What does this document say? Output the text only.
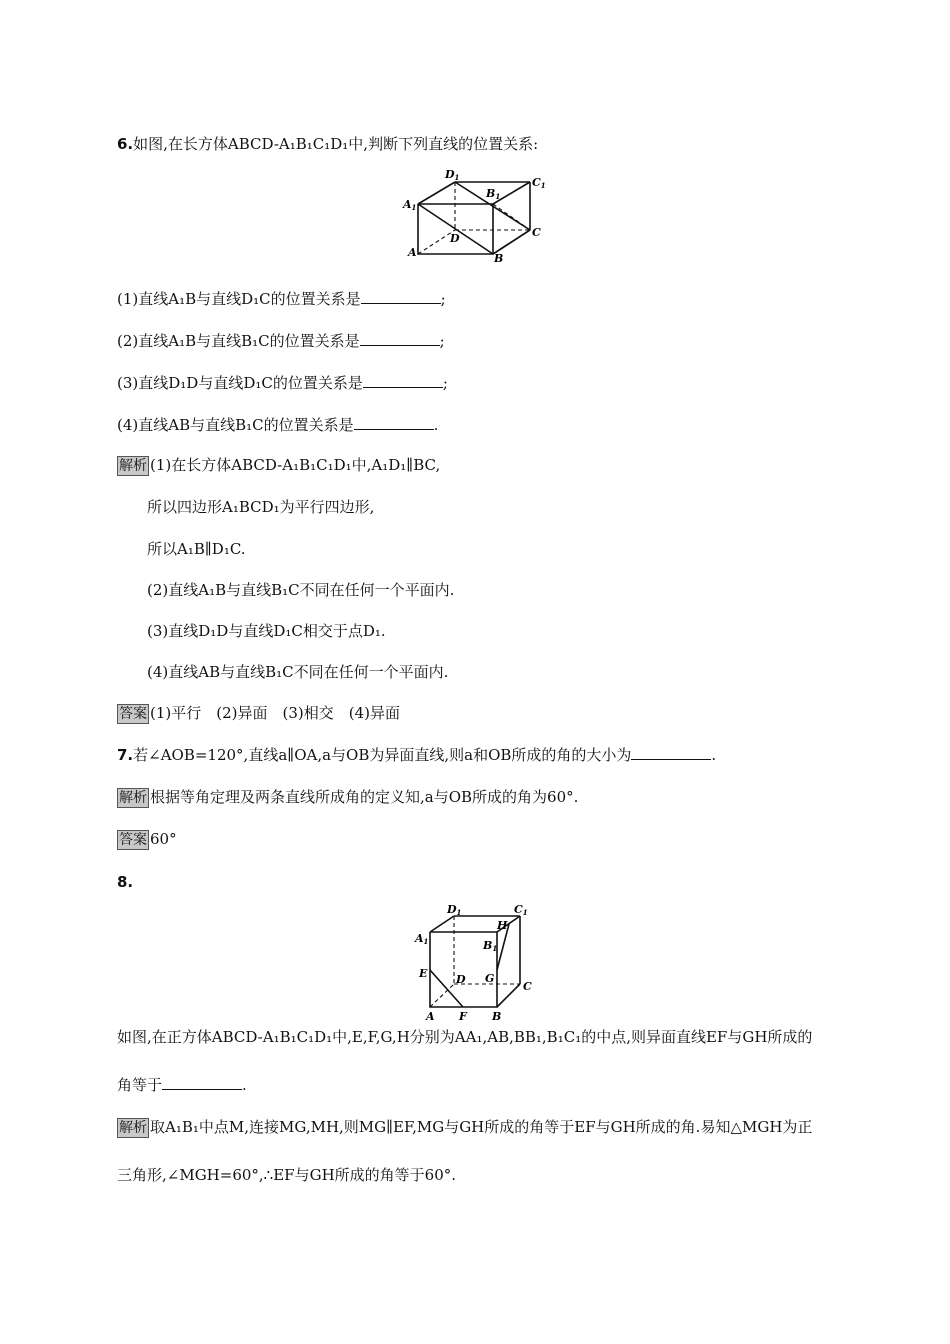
6.如图,在长方体ABCD-A₁B₁C₁D₁中,判断下列直线的位置关系:
D1	C1
B1
A1
D	C
A	B
(1)直线A₁B与直线D₁C的位置关系是	;
(2)直线A₁B与直线B₁C的位置关系是	;
(3)直线D₁D与直线D₁C的位置关系是	;
(4)直线AB与直线B₁C的位置关系是	.
解析 (1)在长方体ABCD-A₁B₁C₁D₁中,A₁D₁∥BC,
所以四边形A₁BCD₁为平行四边形,
所以A₁B∥D₁C.
(2)直线A₁B与直线B₁C不同在任何一个平面内.
(3)直线D₁D与直线D₁C相交于点D₁.
(4)直线AB与直线B₁C不同在任何一个平面内.
答案 (1)平行　(2)异面　(3)相交　(4)异面
7.若∠AOB=120°,直线a∥OA,a与OB为异面直线,则a和OB所成的角的大小为	.
解析 根据等角定理及两条直线所成角的定义知,a与OB所成的角为60°.
答案 60°
8.
D1	C1
H
B1
A1
E	D G
C
A F B
如图,在正方体ABCD-A₁B₁C₁D₁中,E,F,G,H分别为AA₁,AB,BB₁,B₁C₁的中点,则异面直线EF与GH所成的
角等于	.
解析 取A₁B₁中点M,连接MG,MH,则MG∥EF,MG与GH所成的角等于EF与GH所成的角.易知△MGH为正
三角形,∠MGH=60°,∴EF与GH所成的角等于60°.
